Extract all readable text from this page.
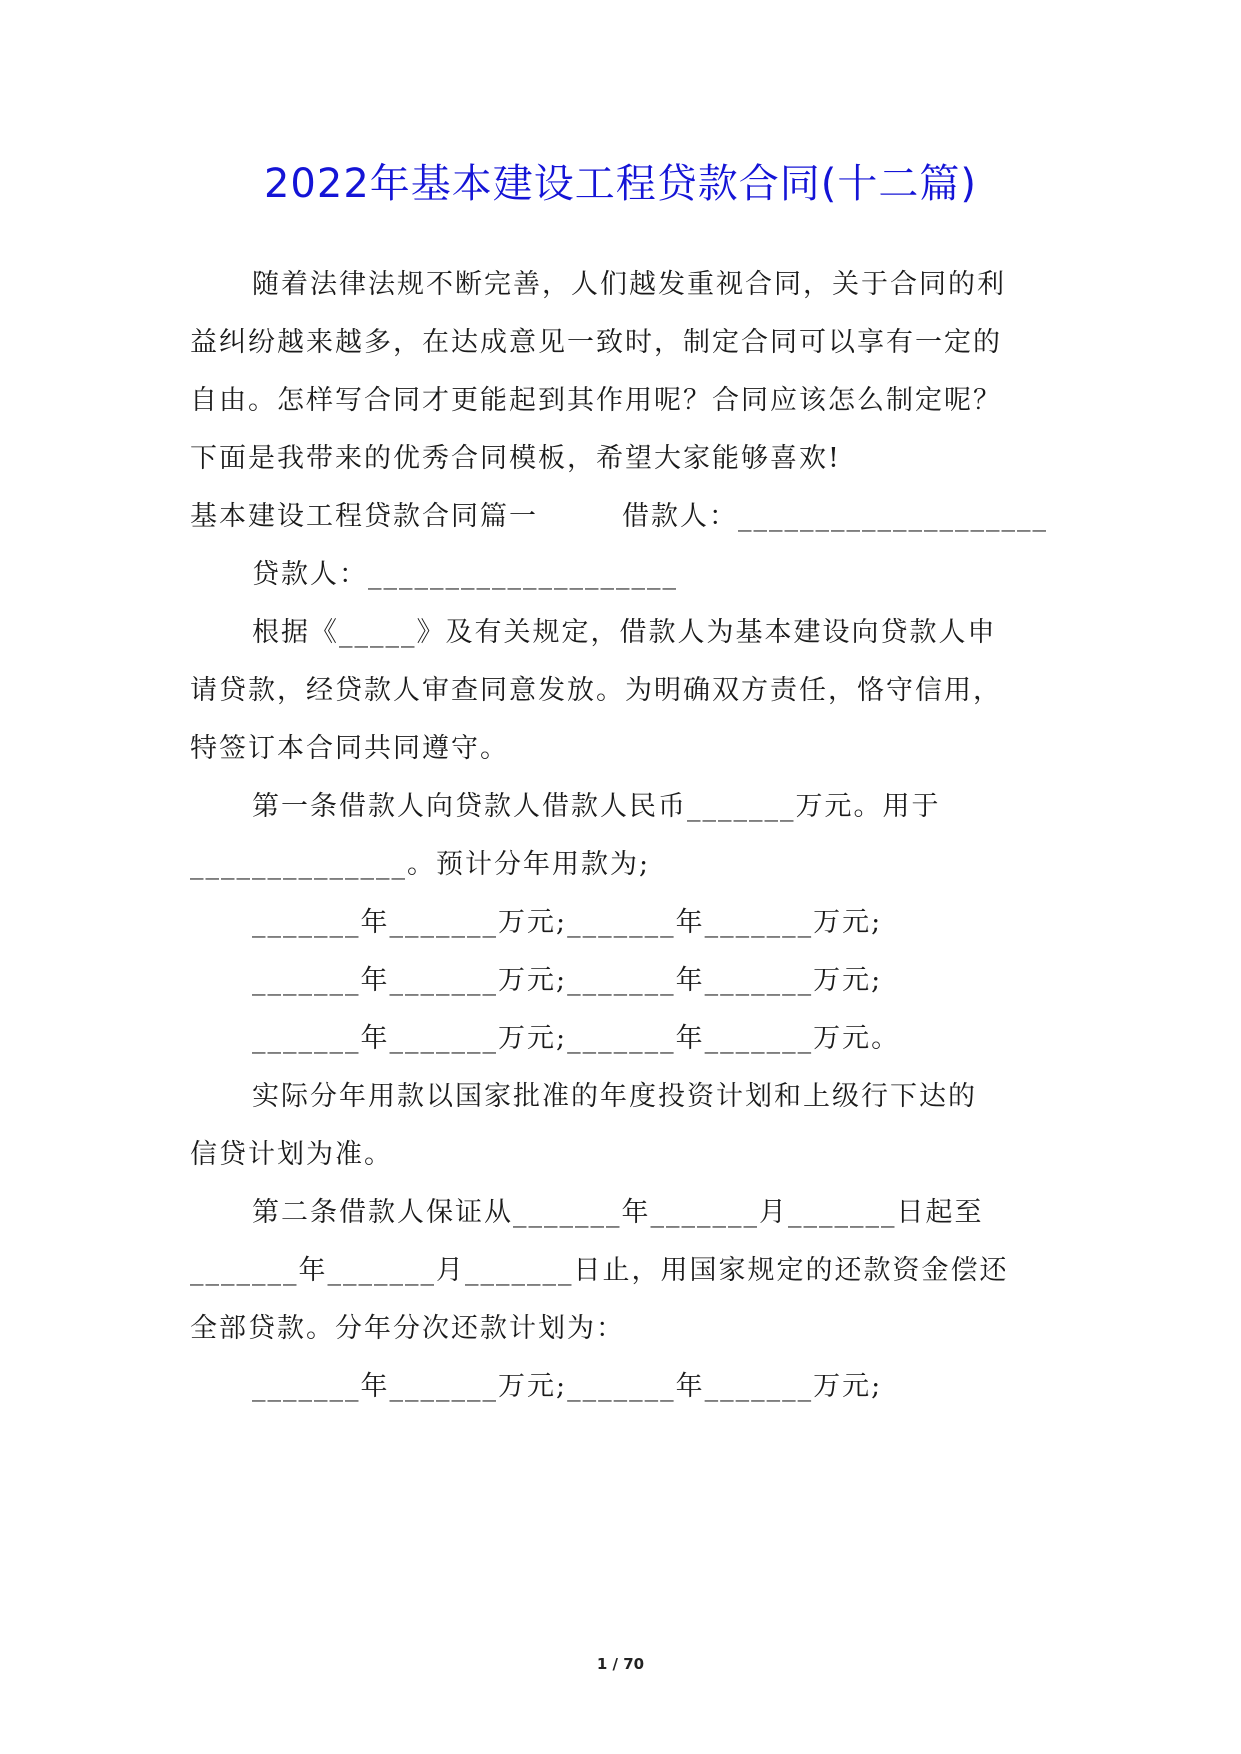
2022年基本建设工程贷款合同(十二篇)
随着法律法规不断完善，人们越发重视合同，关于合同的利
益纠纷越来越多，在达成意见一致时，制定合同可以享有一定的
自由。怎样写合同才更能起到其作用呢？合同应该怎么制定呢？
下面是我带来的优秀合同模板，希望大家能够喜欢!
基本建设工程贷款合同篇一	借款人：____________________
贷款人：____________________
根据《_____》及有关规定，借款人为基本建设向贷款人申
请贷款，经贷款人审查同意发放。为明确双方责任，恪守信用，
特签订本合同共同遵守。
第一条借款人向贷款人借款人民币_______万元。用于
______________。预计分年用款为;
_______年_______万元;_______年_______万元;
_______年_______万元;_______年_______万元;
_______年_______万元;_______年_______万元。
实际分年用款以国家批准的年度投资计划和上级行下达的
信贷计划为准。
第二条借款人保证从_______年_______月_______日起至
_______年_______月_______日止，用国家规定的还款资金偿还
全部贷款。分年分次还款计划为：
_______年_______万元;_______年_______万元;
1 / 70
